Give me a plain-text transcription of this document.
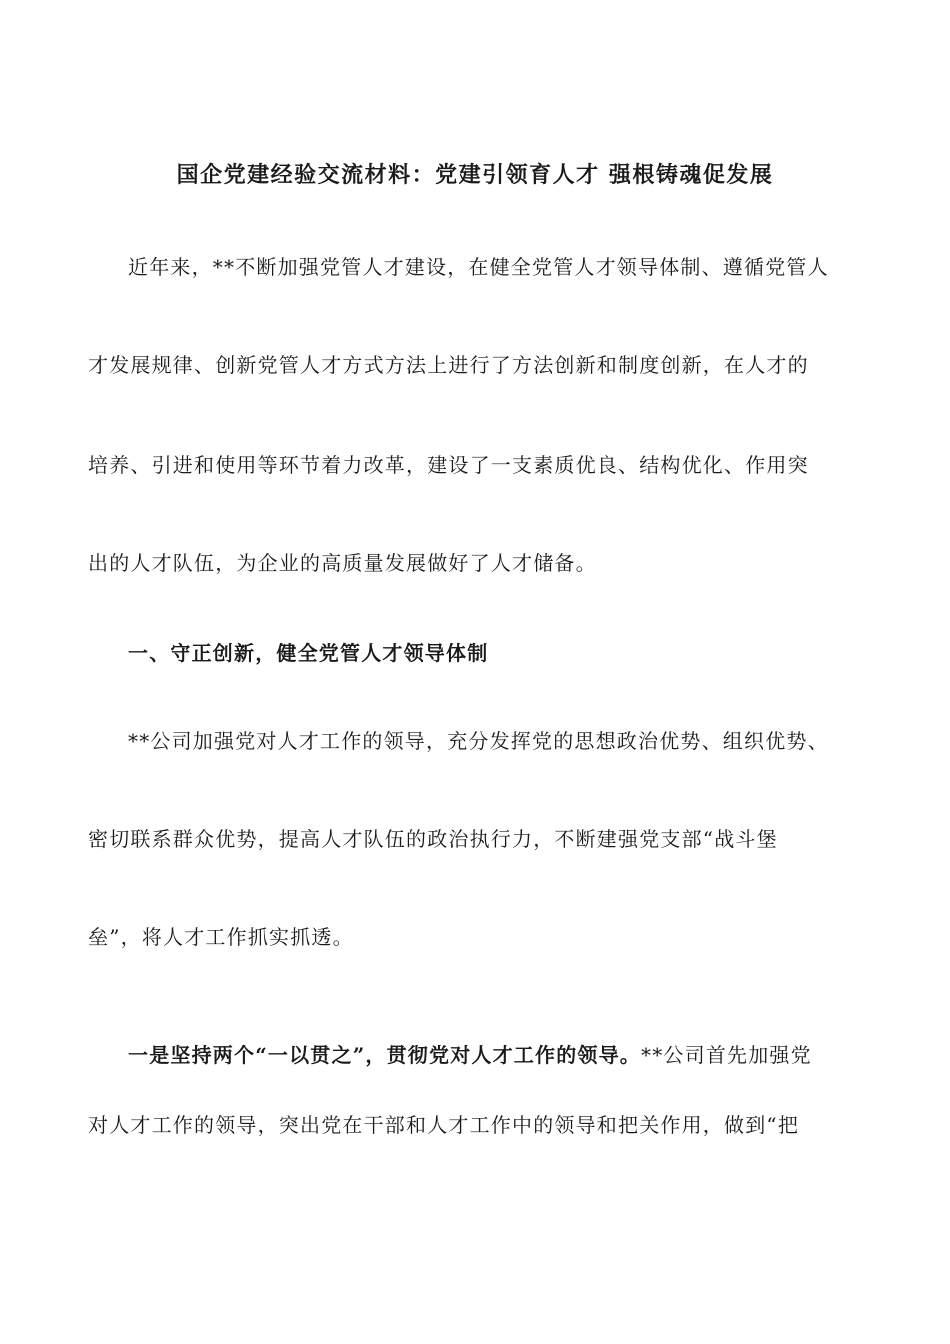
国企党建经验交流材料：党建引领育人才 强根铸魂促发展

近年来，**不断加强党管人才建设，在健全党管人才领导体制、遵循党管人

才发展规律、创新党管人才方式方法上进行了方法创新和制度创新，在人才的

培养、引进和使用等环节着力改革，建设了一支素质优良、结构优化、作用突

出的人才队伍，为企业的高质量发展做好了人才储备。

一、守正创新，健全党管人才领导体制

**公司加强党对人才工作的领导，充分发挥党的思想政治优势、组织优势、

密切联系群众优势，提高人才队伍的政治执行力，不断建强党支部“战斗堡

垒”，将人才工作抓实抓透。

一是坚持两个“一以贯之”，贯彻党对人才工作的领导。**公司首先加强党

对人才工作的领导，突出党在干部和人才工作中的领导和把关作用，做到“把
